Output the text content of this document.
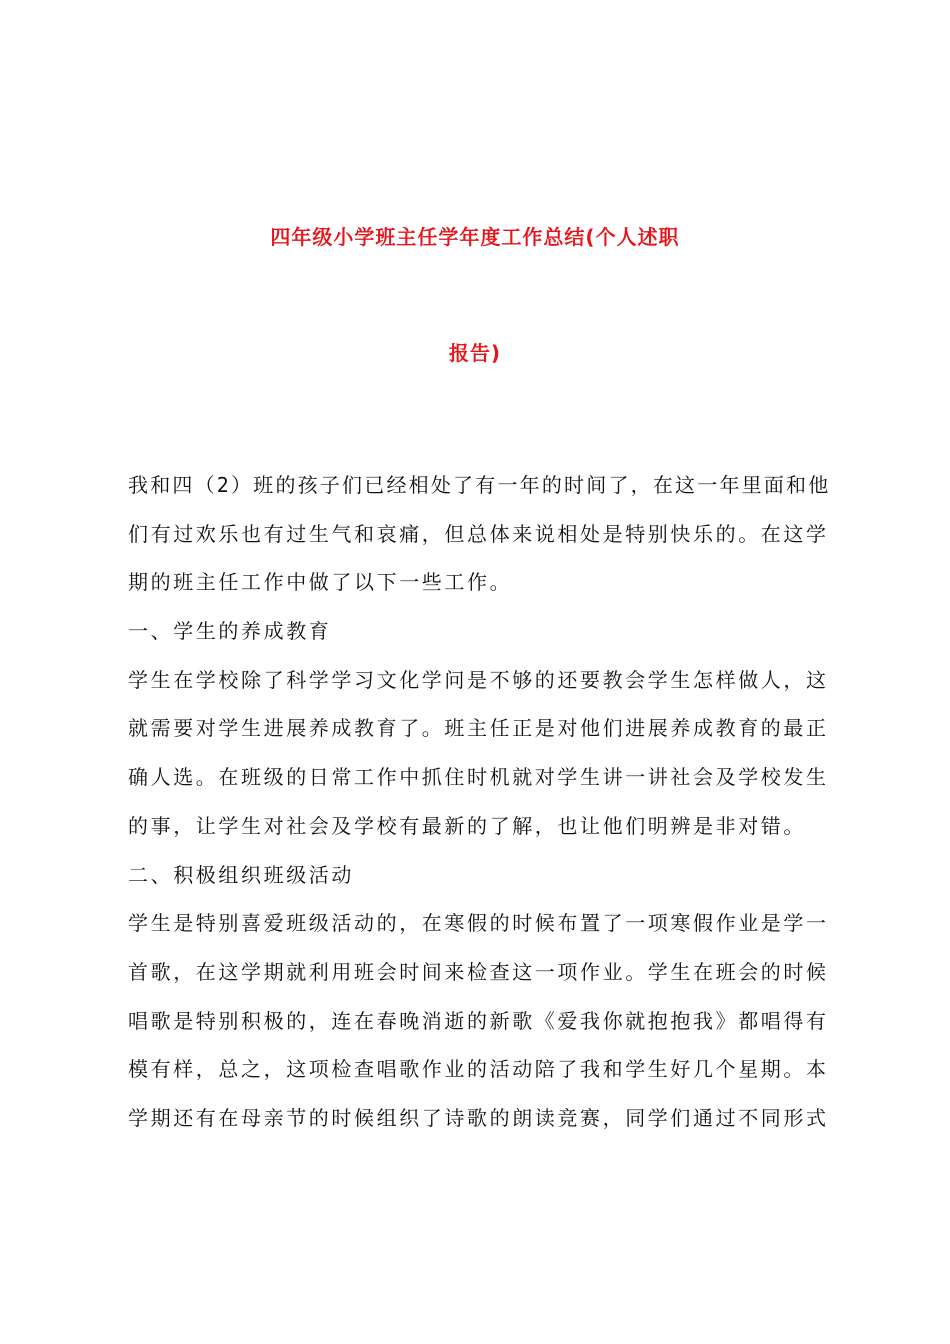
四年级小学班主任学年度工作总结(个人述职
报告)
我和四（2）班的孩子们已经相处了有一年的时间了，在这一年里面和他
们有过欢乐也有过生气和哀痛，但总体来说相处是特别快乐的。在这学
期的班主任工作中做了以下一些工作。
一、学生的养成教育
学生在学校除了科学学习文化学问是不够的还要教会学生怎样做人，这
就需要对学生进展养成教育了。班主任正是对他们进展养成教育的最正
确人选。在班级的日常工作中抓住时机就对学生讲一讲社会及学校发生
的事，让学生对社会及学校有最新的了解，也让他们明辨是非对错。
二、积极组织班级活动
学生是特别喜爱班级活动的，在寒假的时候布置了一项寒假作业是学一
首歌，在这学期就利用班会时间来检查这一项作业。学生在班会的时候
唱歌是特别积极的，连在春晚消逝的新歌《爱我你就抱抱我》都唱得有
模有样，总之，这项检查唱歌作业的活动陪了我和学生好几个星期。本
学期还有在母亲节的时候组织了诗歌的朗读竞赛，同学们通过不同形式
